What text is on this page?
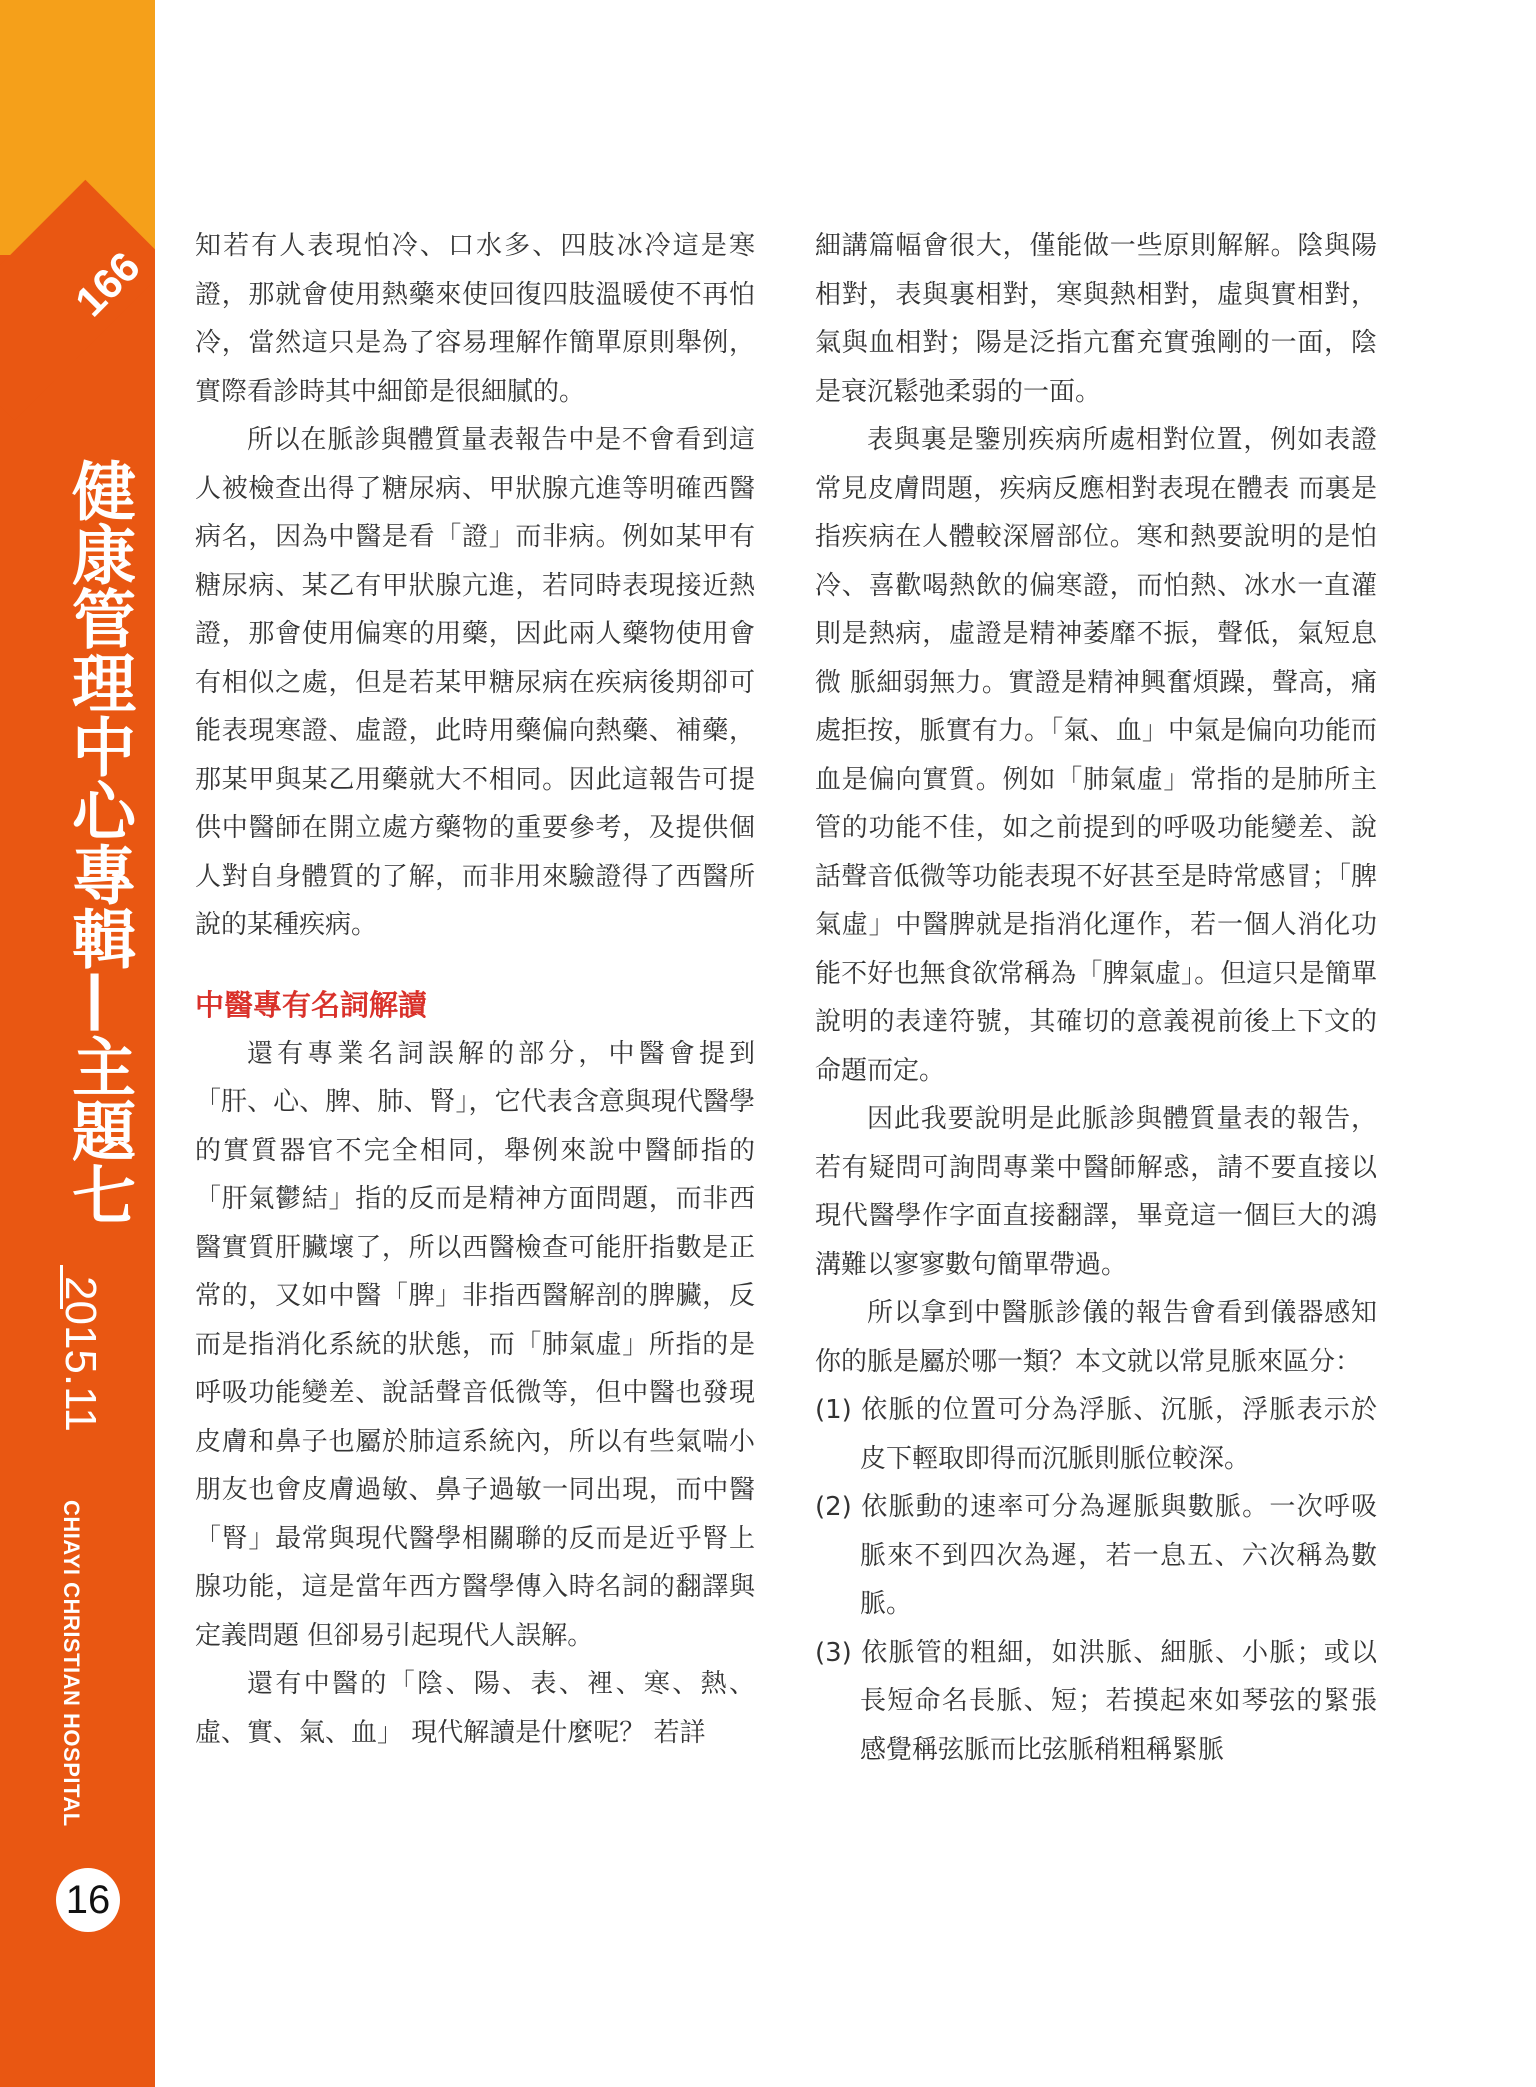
166
健康管理中心專輯—主題七
2015.11
CHIAYI CHRISTIAN HOSPITAL
16

知若有人表現怕冷、口水多、四肢冰冷這是寒證，那就會使用熱藥來使回復四肢溫暖使不再怕冷，當然這只是為了容易理解作簡單原則舉例，實際看診時其中細節是很細膩的。

所以在脈診與體質量表報告中是不會看到這人被檢查出得了糖尿病、甲狀腺亢進等明確西醫病名，因為中醫是看「證」而非病。例如某甲有糖尿病、某乙有甲狀腺亢進，若同時表現接近熱證，那會使用偏寒的用藥，因此兩人藥物使用會有相似之處，但是若某甲糖尿病在疾病後期卻可能表現寒證、虛證，此時用藥偏向熱藥、補藥，那某甲與某乙用藥就大不相同。因此這報告可提供中醫師在開立處方藥物的重要參考，及提供個人對自身體質的了解，而非用來驗證得了西醫所說的某種疾病。

中醫專有名詞解讀

還有專業名詞誤解的部分，中醫會提到「肝、心、脾、肺、腎」，它代表含意與現代醫學的實質器官不完全相同，舉例來說中醫師指的「肝氣鬱結」指的反而是精神方面問題，而非西醫實質肝臟壞了，所以西醫檢查可能肝指數是正常的，又如中醫「脾」非指西醫解剖的脾臟，反而是指消化系統的狀態，而「肺氣虛」所指的是呼吸功能變差、說話聲音低微等，但中醫也發現皮膚和鼻子也屬於肺這系統內，所以有些氣喘小朋友也會皮膚過敏、鼻子過敏一同出現，而中醫「腎」最常與現代醫學相關聯的反而是近乎腎上腺功能，這是當年西方醫學傳入時名詞的翻譯與定義問題 但卻易引起現代人誤解。

還有中醫的「陰、陽、表、裡、寒、熱、虛、實、氣、血」 現代解讀是什麼呢？ 若詳

細講篇幅會很大，僅能做一些原則解解。陰與陽相對，表與裏相對，寒與熱相對，虛與實相對，氣與血相對；陽是泛指亢奮充實強剛的一面，陰是衰沉鬆弛柔弱的一面。

表與裏是鑒別疾病所處相對位置，例如表證常見皮膚問題，疾病反應相對表現在體表 而裏是指疾病在人體較深層部位。寒和熱要說明的是怕冷、喜歡喝熱飲的偏寒證，而怕熱、冰水一直灌則是熱病，虛證是精神萎靡不振，聲低，氣短息微 脈細弱無力。實證是精神興奮煩躁，聲高，痛處拒按，脈實有力。「氣、血」中氣是偏向功能而血是偏向實質。例如「肺氣虛」常指的是肺所主管的功能不佳，如之前提到的呼吸功能變差、說話聲音低微等功能表現不好甚至是時常感冒；「脾氣虛」中醫脾就是指消化運作，若一個人消化功能不好也無食欲常稱為「脾氣虛」。但這只是簡單說明的表達符號，其確切的意義視前後上下文的命題而定。

因此我要說明是此脈診與體質量表的報告，若有疑問可詢問專業中醫師解惑，請不要直接以現代醫學作字面直接翻譯，畢竟這一個巨大的鴻溝難以寥寥數句簡單帶過。

所以拿到中醫脈診儀的報告會看到儀器感知你的脈是屬於哪一類？本文就以常見脈來區分：

(1) 依脈的位置可分為浮脈、沉脈，浮脈表示於皮下輕取即得而沉脈則脈位較深。

(2) 依脈動的速率可分為遲脈與數脈。一次呼吸脈來不到四次為遲，若一息五、六次稱為數脈。

(3) 依脈管的粗細，如洪脈、細脈、小脈；或以長短命名長脈、短；若摸起來如琴弦的緊張感覺稱弦脈而比弦脈稍粗稱緊脈
